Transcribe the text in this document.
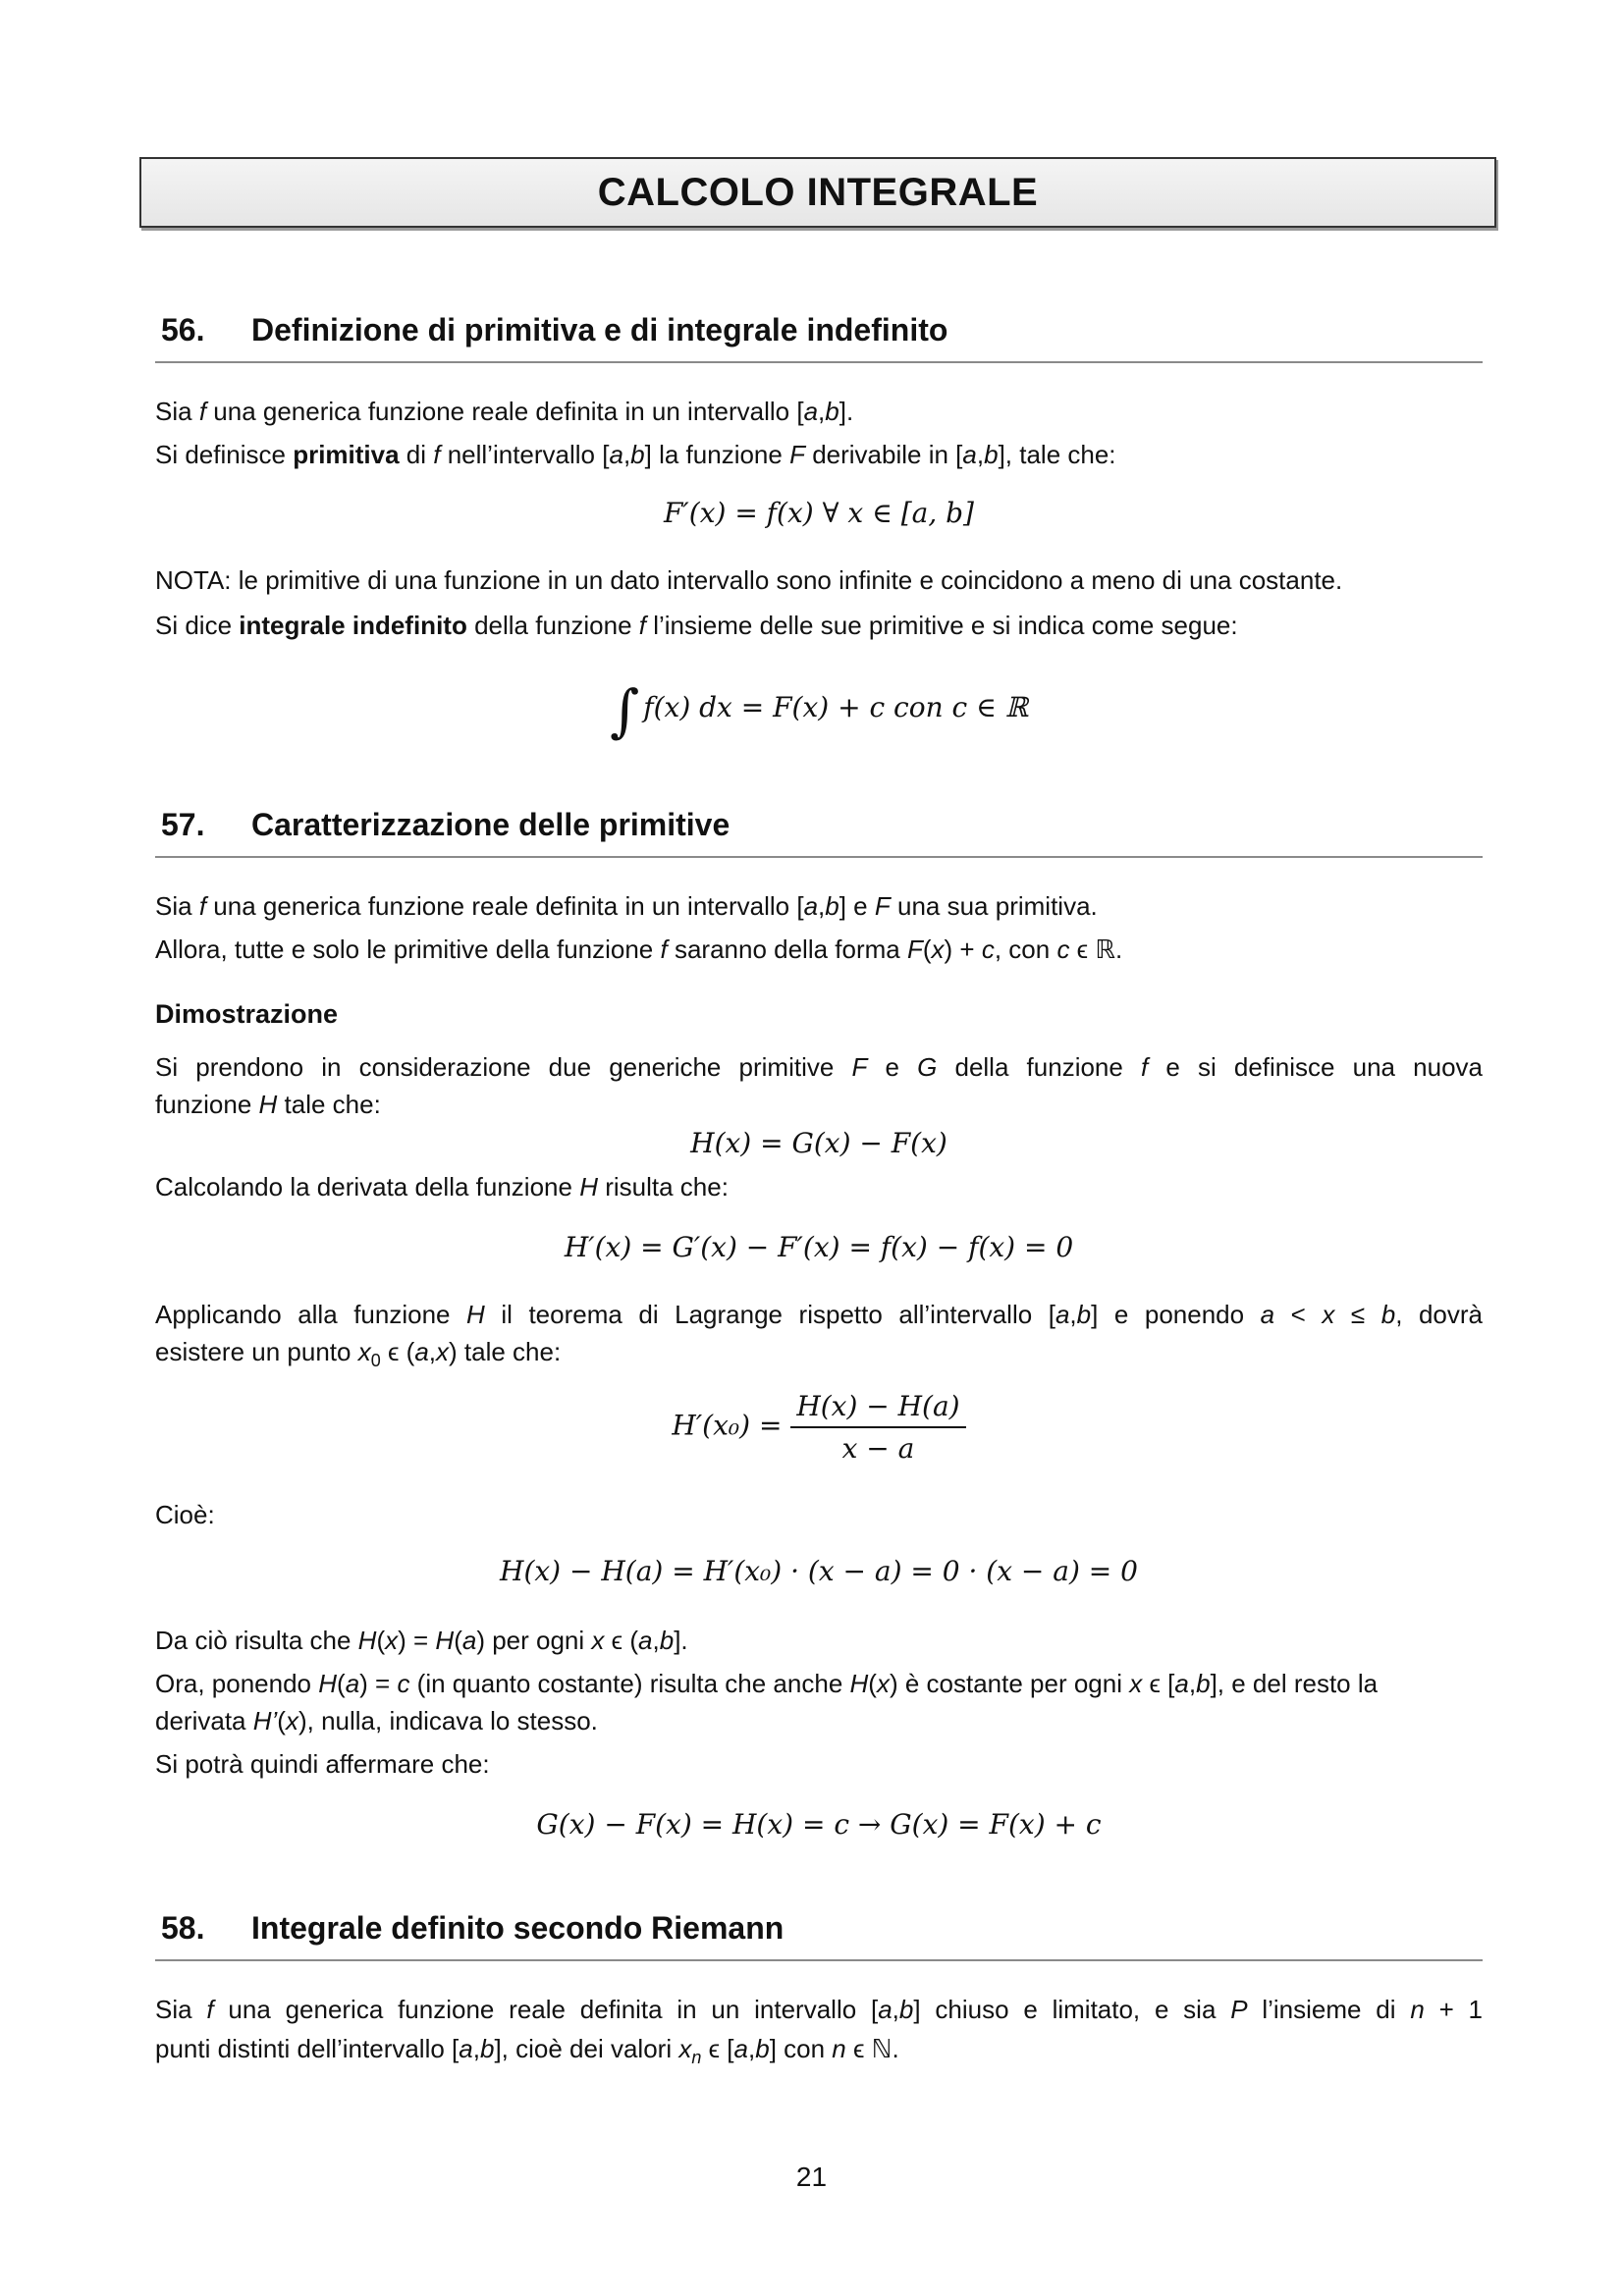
CALCOLO INTEGRALE
56. Definizione di primitiva e di integrale indefinito
Sia f una generica funzione reale definita in un intervallo [a,b].
Si definisce primitiva di f nell’intervallo [a,b] la funzione F derivabile in [a,b], tale che:
F′(x) = f(x) ∀ x ∈ [a, b]
NOTA: le primitive di una funzione in un dato intervallo sono infinite e coincidono a meno di una costante.
Si dice integrale indefinito della funzione f l’insieme delle sue primitive e si indica come segue:
∫ f(x) dx = F(x) + c con c ∈ ℝ
57. Caratterizzazione delle primitive
Sia f una generica funzione reale definita in un intervallo [a,b] e F una sua primitiva.
Allora, tutte e solo le primitive della funzione f saranno della forma F(x) + c, con c ϵ ℝ.
Dimostrazione
Si prendono in considerazione due generiche primitive F e G della funzione f e si definisce una nuova
funzione H tale che:
H(x) = G(x) − F(x)
Calcolando la derivata della funzione H risulta che:
H′(x) = G′(x) − F′(x) = f(x) − f(x) = 0
Applicando alla funzione H il teorema di Lagrange rispetto all’intervallo [a,b] e ponendo a < x ≤ b, dovrà
esistere un punto $x_0$ ϵ (a,x) tale che:
$H'(x_0) = \frac{H(x) - H(a)}{x - a}$
Cioè:
H(x) − H(a) = H′(x₀) · (x − a) = 0 · (x − a) = 0
Da ciò risulta che H(x) = H(a) per ogni x ϵ (a,b].
Ora, ponendo H(a) = c (in quanto costante) risulta che anche H(x) è costante per ogni x ϵ [a,b], e del resto la
derivata H’(x), nulla, indicava lo stesso.
Si potrà quindi affermare che:
G(x) − F(x) = H(x) = c → G(x) = F(x) + c
58. Integrale definito secondo Riemann
Sia f una generica funzione reale definita in un intervallo [a,b] chiuso e limitato, e sia P l’insieme di n + 1
punti distinti dell’intervallo [a,b], cioè dei valori $x_n$ ϵ [a,b] con n ϵ ℕ.
21
